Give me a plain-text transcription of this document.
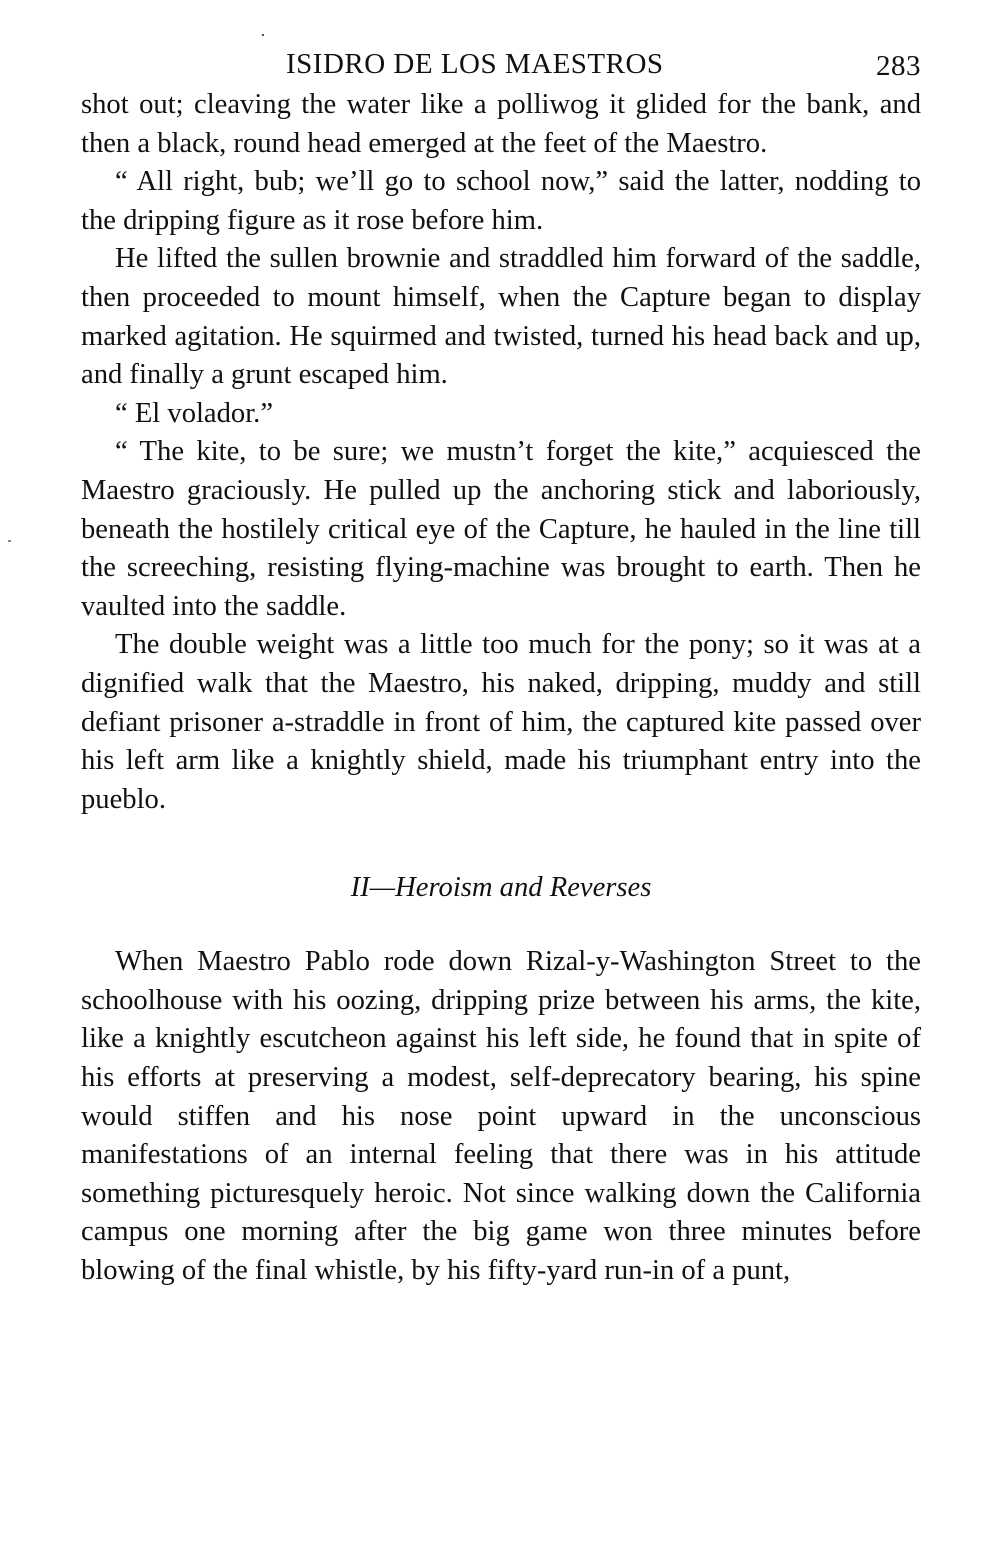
ISIDRO DE LOS MAESTROS	283

shot out; cleaving the water like a polliwog it glided for the bank, and then a black, round head emerged at the feet of the Maestro.

“ All right, bub; we’ll go to school now,” said the latter, nodding to the dripping figure as it rose before him.

He lifted the sullen brownie and straddled him forward of the saddle, then proceeded to mount himself, when the Capture began to display marked agitation. He squirmed and twisted, turned his head back and up, and finally a grunt escaped him.

“ El volador.”

“ The kite, to be sure; we mustn’t forget the kite,” acquiesced the Maestro graciously. He pulled up the anchoring stick and laboriously, beneath the hostilely critical eye of the Capture, he hauled in the line till the screeching, resisting flying-machine was brought to earth. Then he vaulted into the saddle.

The double weight was a little too much for the pony; so it was at a dignified walk that the Maestro, his naked, dripping, muddy and still defiant prisoner a-straddle in front of him, the captured kite passed over his left arm like a knightly shield, made his triumphant entry into the pueblo.

II—Heroism and Reverses

When Maestro Pablo rode down Rizal-y-Washington Street to the schoolhouse with his oozing, dripping prize between his arms, the kite, like a knightly escutcheon against his left side, he found that in spite of his efforts at preserving a modest, self-deprecatory bearing, his spine would stiffen and his nose point upward in the unconscious manifestations of an internal feeling that there was in his attitude something picturesquely heroic. Not since walking down the California campus one morning after the big game won three minutes before blowing of the final whistle, by his fifty-yard run-in of a punt,
